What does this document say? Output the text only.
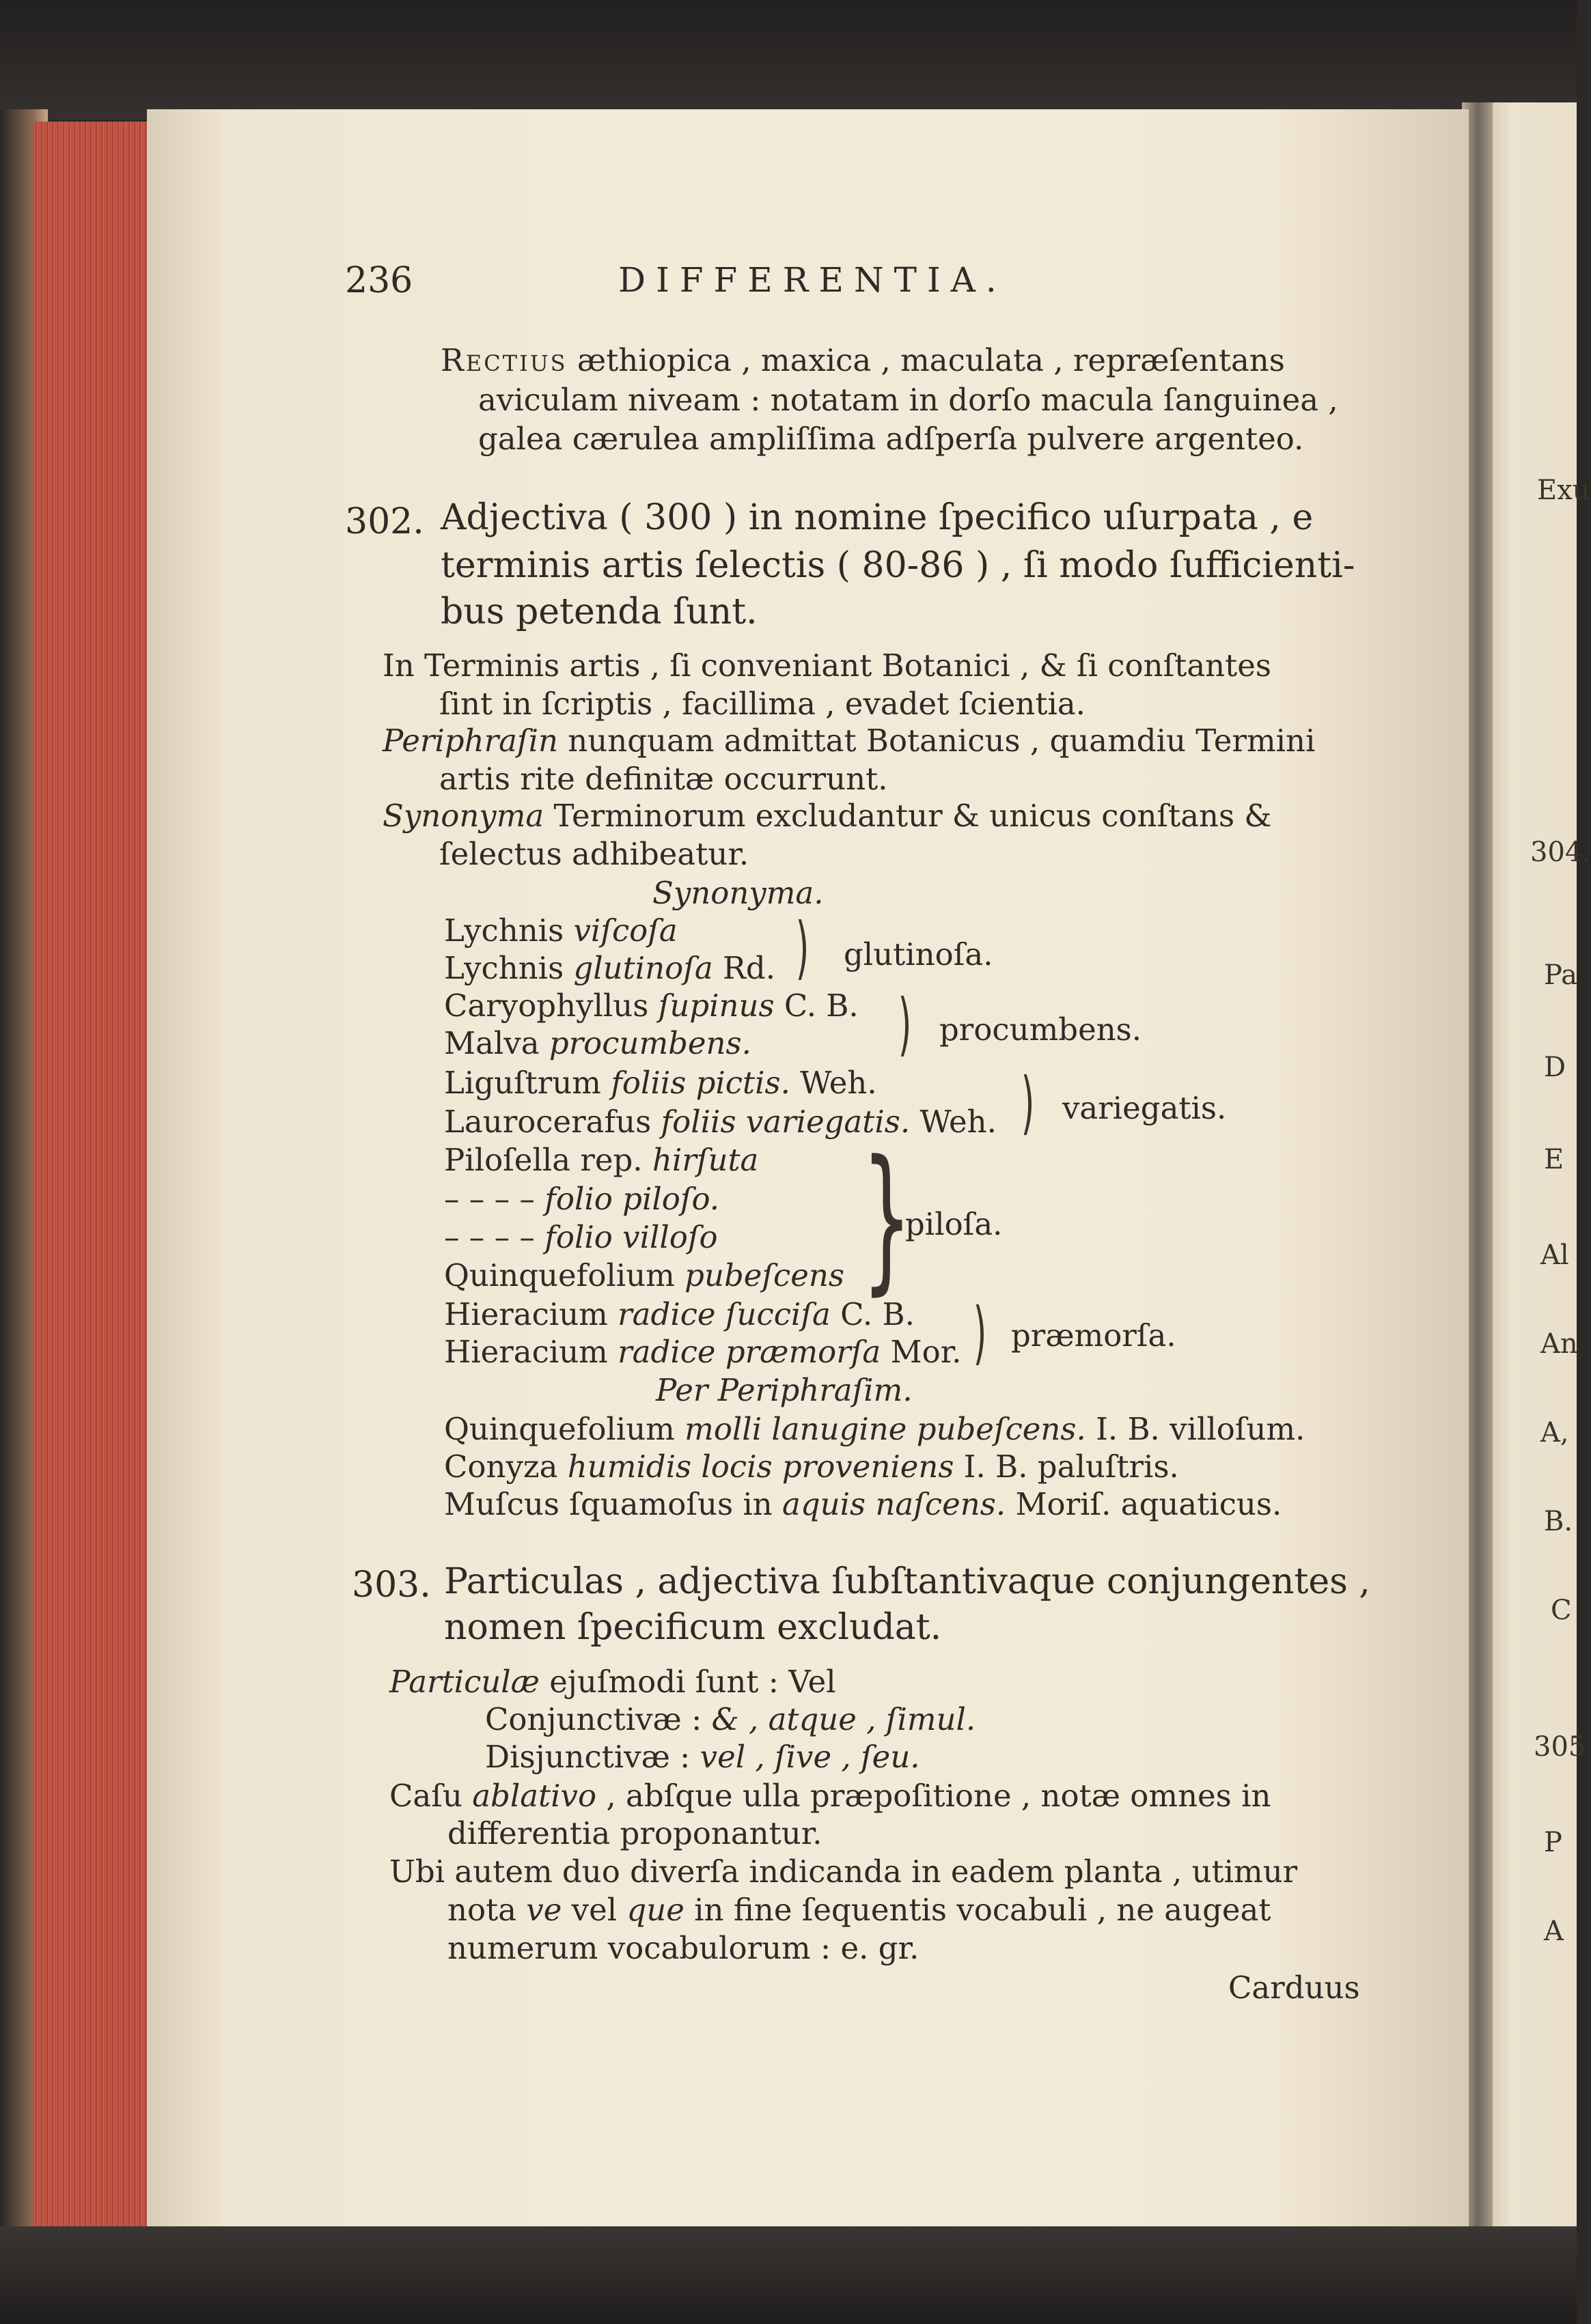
Exu
304.
Pa
D
E
Al
An
A,
B.
C
305
P
A
236	DIFFERENTIA.
Rectius æthiopica , maxica , maculata , repræſentans
aviculam niveam : notatam in dorſo macula ſanguinea ,
galea cærulea ampliſſima adſperſa pulvere argenteo.
302. Adjectiva ( 300 ) in nomine ſpecifico uſurpata , e
terminis artis ſelectis ( 80-86 ) , ſi modo ſufficienti-
bus petenda ſunt.
In Terminis artis , ſi conveniant Botanici , & ſi conſtantes
ſint in ſcriptis , facillima , evadet ſcientia.
Periphraſin nunquam admittat Botanicus , quamdiu Termini
artis rite definitæ occurrunt.
Synonyma Terminorum excludantur & unicus conſtans &
ſelectus adhibeatur.
Synonyma.
Lychnis viſcoſa
Lychnis glutinoſa Rd. ) glutinoſa.
Caryophyllus ſupinus C. B.
Malva procumbens. ) procumbens.
Liguſtrum foliis pictis. Weh.
Laurocerafus foliis variegatis. Weh. ) variegatis.
Piloſella rep. hirſuta
– – – – folio piloſo.
– – – – folio villoſo
Quinquefolium pubeſcens }
piloſa.
Hieracium radice ſucciſa C. B.
Hieracium radice præmorſa Mor. ) præmorſa.
Per Periphraſim.
Quinquefolium molli lanugine pubeſcens. I. B. villoſum.
Conyza humidis locis proveniens I. B. paluſtris.
Muſcus ſquamoſus in aquis naſcens. Moriſ. aquaticus.
303. Particulas , adjectiva ſubſtantivaque conjungentes ,
nomen ſpecificum excludat.
Particulæ ejuſmodi ſunt : Vel
Conjunctivæ : & , atque , ſimul.
Disjunctivæ : vel , ſive , ſeu.
Caſu ablativo , abſque ulla præpoſitione , notæ omnes in
differentia proponantur.
Ubi autem duo diverſa indicanda in eadem planta , utimur
nota ve vel que in fine ſequentis vocabuli , ne augeat
numerum vocabulorum : e. gr.
Carduus
